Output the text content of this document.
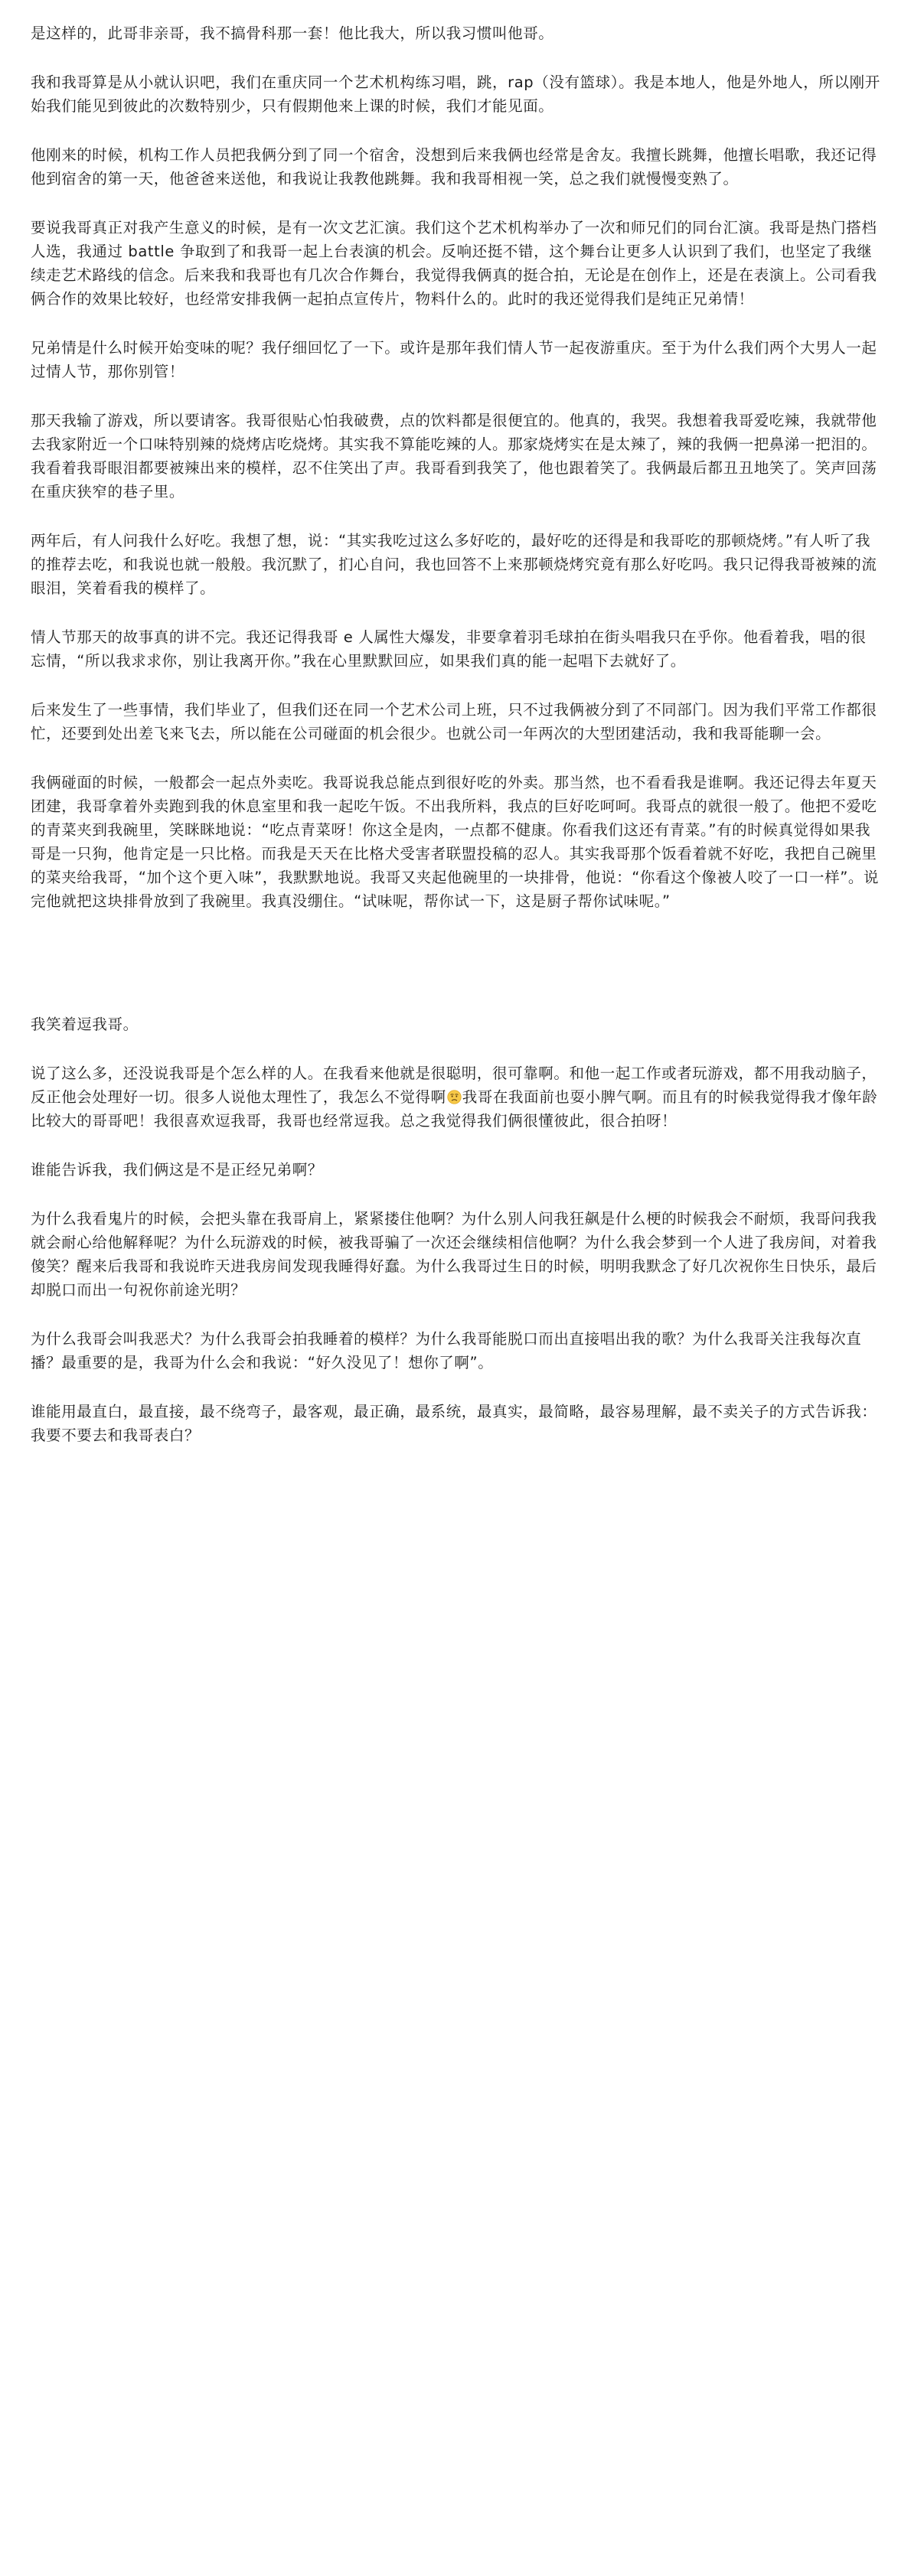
是这样的，此哥非亲哥，我不搞骨科那一套！他比我大，所以我习惯叫他哥。

我和我哥算是从小就认识吧，我们在重庆同一个艺术机构练习唱，跳，rap（没有篮球）。我是本地人，他是外地人，所以刚开始我们能见到彼此的次数特别少，只有假期他来上课的时候，我们才能见面。

他刚来的时候，机构工作人员把我俩分到了同一个宿舍，没想到后来我俩也经常是舍友。我擅长跳舞，他擅长唱歌，我还记得他到宿舍的第一天，他爸爸来送他，和我说让我教他跳舞。我和我哥相视一笑，总之我们就慢慢变熟了。

要说我哥真正对我产生意义的时候，是有一次文艺汇演。我们这个艺术机构举办了一次和师兄们的同台汇演。我哥是热门搭档人选，我通过 battle 争取到了和我哥一起上台表演的机会。反响还挺不错，这个舞台让更多人认识到了我们，也坚定了我继续走艺术路线的信念。后来我和我哥也有几次合作舞台，我觉得我俩真的挺合拍，无论是在创作上，还是在表演上。公司看我俩合作的效果比较好，也经常安排我俩一起拍点宣传片，物料什么的。此时的我还觉得我们是纯正兄弟情！

兄弟情是什么时候开始变味的呢？我仔细回忆了一下。或许是那年我们情人节一起夜游重庆。至于为什么我们两个大男人一起过情人节，那你别管！

那天我输了游戏，所以要请客。我哥很贴心怕我破费，点的饮料都是很便宜的。他真的，我哭。我想着我哥爱吃辣，我就带他去我家附近一个口味特别辣的烧烤店吃烧烤。其实我不算能吃辣的人。那家烧烤实在是太辣了，辣的我俩一把鼻涕一把泪的。我看着我哥眼泪都要被辣出来的模样，忍不住笑出了声。我哥看到我笑了，他也跟着笑了。我俩最后都丑丑地笑了。笑声回荡在重庆狭窄的巷子里。

两年后，有人问我什么好吃。我想了想，说：“其实我吃过这么多好吃的，最好吃的还得是和我哥吃的那顿烧烤。”有人听了我的推荐去吃，和我说也就一般般。我沉默了，扪心自问，我也回答不上来那顿烧烤究竟有那么好吃吗。我只记得我哥被辣的流眼泪，笑着看我的模样了。

情人节那天的故事真的讲不完。我还记得我哥 e 人属性大爆发，非要拿着羽毛球拍在街头唱我只在乎你。他看着我，唱的很忘情，“所以我求求你，别让我离开你。”我在心里默默回应，如果我们真的能一起唱下去就好了。

后来发生了一些事情，我们毕业了，但我们还在同一个艺术公司上班，只不过我俩被分到了不同部门。因为我们平常工作都很忙，还要到处出差飞来飞去，所以能在公司碰面的机会很少。也就公司一年两次的大型团建活动，我和我哥能聊一会。

我俩碰面的时候，一般都会一起点外卖吃。我哥说我总能点到很好吃的外卖。那当然，也不看看我是谁啊。我还记得去年夏天团建，我哥拿着外卖跑到我的休息室里和我一起吃午饭。不出我所料，我点的巨好吃呵呵。我哥点的就很一般了。他把不爱吃的青菜夹到我碗里，笑眯眯地说：“吃点青菜呀！你这全是肉，一点都不健康。你看我们这还有青菜。”有的时候真觉得如果我哥是一只狗，他肯定是一只比格。而我是天天在比格犬受害者联盟投稿的忍人。其实我哥那个饭看着就不好吃，我把自己碗里的菜夹给我哥，“加个这个更入味”，我默默地说。我哥又夹起他碗里的一块排骨，他说：“你看这个像被人咬了一口一样”。说完他就把这块排骨放到了我碗里。我真没绷住。“试味呢，帮你试一下，这是厨子帮你试味呢。”

我笑着逗我哥。

说了这么多，还没说我哥是个怎么样的人。在我看来他就是很聪明，很可靠啊。和他一起工作或者玩游戏，都不用我动脑子，反正他会处理好一切。很多人说他太理性了，我怎么不觉得啊 我哥在我面前也耍小脾气啊。而且有的时候我觉得我才像年龄比较大的哥哥吧！我很喜欢逗我哥，我哥也经常逗我。总之我觉得我们俩很懂彼此，很合拍呀！

谁能告诉我，我们俩这是不是正经兄弟啊？

为什么我看鬼片的时候，会把头靠在我哥肩上，紧紧搂住他啊？为什么别人问我狂飙是什么梗的时候我会不耐烦，我哥问我我就会耐心给他解释呢？为什么玩游戏的时候，被我哥骗了一次还会继续相信他啊？为什么我会梦到一个人进了我房间，对着我傻笑？醒来后我哥和我说昨天进我房间发现我睡得好蠢。为什么我哥过生日的时候，明明我默念了好几次祝你生日快乐，最后却脱口而出一句祝你前途光明？

为什么我哥会叫我恶犬？为什么我哥会拍我睡着的模样？为什么我哥能脱口而出直接唱出我的歌？为什么我哥关注我每次直播？最重要的是，我哥为什么会和我说：“好久没见了！想你了啊”。

谁能用最直白，最直接，最不绕弯子，最客观，最正确，最系统，最真实，最简略，最容易理解，最不卖关子的方式告诉我：我要不要去和我哥表白？
